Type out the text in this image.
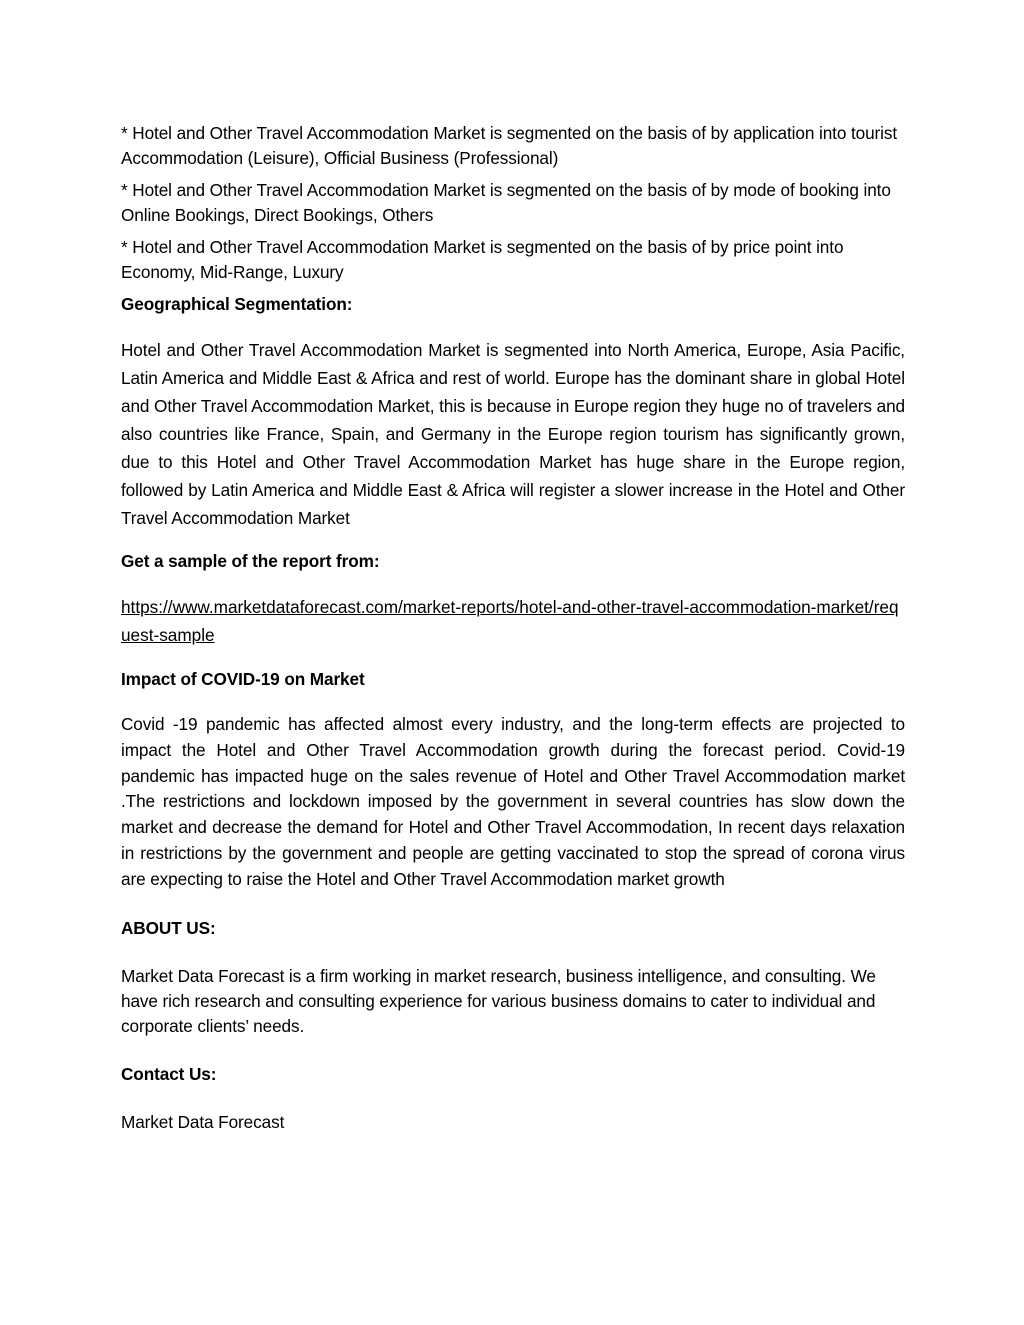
* Hotel and Other Travel Accommodation Market is segmented on the basis of by application into tourist Accommodation (Leisure), Official Business (Professional)

* Hotel and Other Travel Accommodation Market is segmented on the basis of by mode of booking into Online Bookings, Direct Bookings, Others

* Hotel and Other Travel Accommodation Market is segmented on the basis of by price point into Economy, Mid-Range, Luxury

Geographical Segmentation:

Hotel and Other Travel Accommodation Market is segmented into North America, Europe, Asia Pacific, Latin America and Middle East & Africa and rest of world. Europe has the dominant share in global Hotel and Other Travel Accommodation Market, this is because in Europe region they huge no of travelers and also countries like France, Spain, and Germany in the Europe region tourism has significantly grown, due to this Hotel and Other Travel Accommodation Market has huge share in the Europe region, followed by Latin America and Middle East & Africa will register a slower increase in the Hotel and Other Travel Accommodation Market

Get a sample of the report from:
https://www.marketdataforecast.com/market-reports/hotel-and-other-travel-accommodation-market/request-sample
Impact of COVID-19 on Market

Covid -19 pandemic has affected almost every industry, and the long-term effects are projected to impact the Hotel and Other Travel Accommodation growth during the forecast period. Covid-19 pandemic has impacted huge on the sales revenue of Hotel and Other Travel Accommodation market .The restrictions and lockdown imposed by the government in several countries has slow down the market and decrease the demand for Hotel and Other Travel Accommodation, In recent days relaxation in restrictions by the government and people are getting vaccinated to stop the spread of corona virus are expecting to raise the Hotel and Other Travel Accommodation market growth

ABOUT US:

Market Data Forecast is a firm working in market research, business intelligence, and consulting. We have rich research and consulting experience for various business domains to cater to individual and corporate clients’ needs.

Contact Us:
Market Data Forecast
